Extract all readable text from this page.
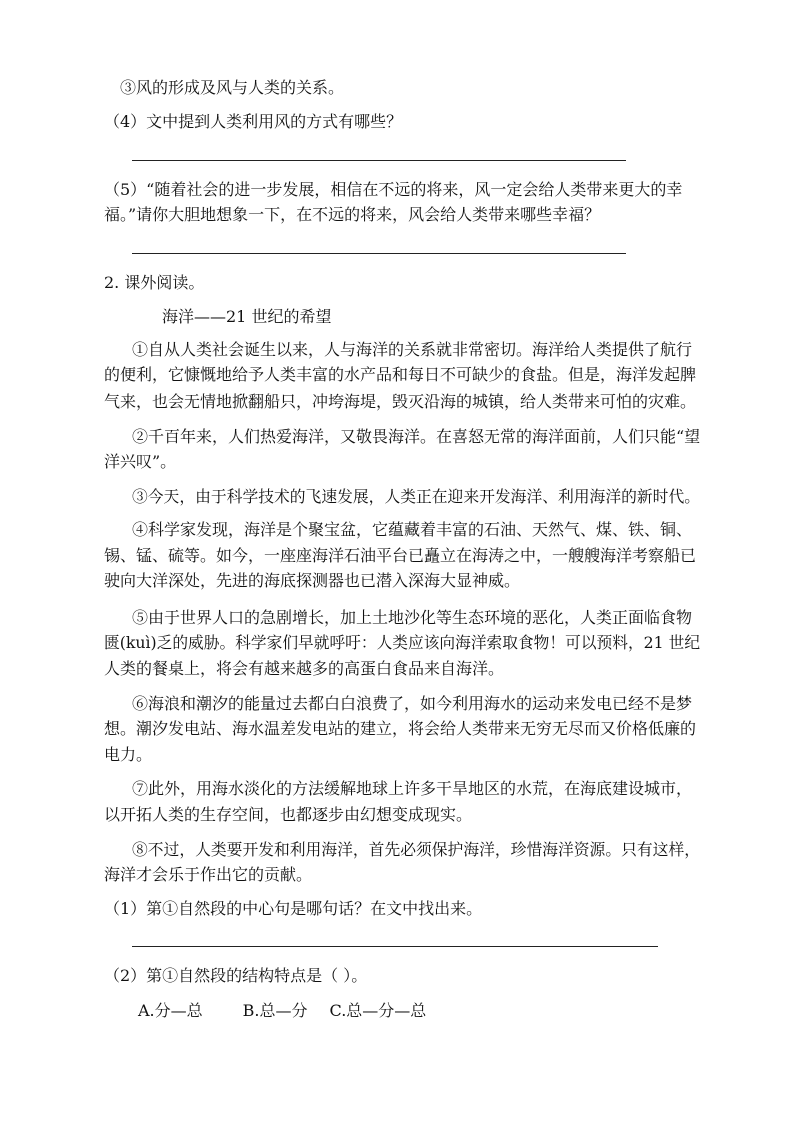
③风的形成及风与人类的关系。
（4）文中提到人类利用风的方式有哪些？
（5）“随着社会的进一步发展，相信在不远的将来，风一定会给人类带来更大的幸
福。”请你大胆地想象一下，在不远的将来，风会给人类带来哪些幸福？
2. 课外阅读。
海洋——21 世纪的希望
①自从人类社会诞生以来，人与海洋的关系就非常密切。海洋给人类提供了航行
的便利，它慷慨地给予人类丰富的水产品和每日不可缺少的食盐。但是，海洋发起脾
气来，也会无情地掀翻船只，冲垮海堤，毁灭沿海的城镇，给人类带来可怕的灾难。
②千百年来，人们热爱海洋，又敬畏海洋。在喜怒无常的海洋面前，人们只能“望
洋兴叹”。
③今天，由于科学技术的飞速发展，人类正在迎来开发海洋、利用海洋的新时代。
④科学家发现，海洋是个聚宝盆，它蕴藏着丰富的石油、天然气、煤、铁、铜、
锡、锰、硫等。如今，一座座海洋石油平台已矗立在海涛之中，一艘艘海洋考察船已
驶向大洋深处，先进的海底探测器也已潜入深海大显神威。
⑤由于世界人口的急剧增长，加上土地沙化等生态环境的恶化，人类正面临食物
匮(kuì)乏的威胁。科学家们早就呼吁：人类应该向海洋索取食物！可以预料，21 世纪
人类的餐桌上，将会有越来越多的高蛋白食品来自海洋。
⑥海浪和潮汐的能量过去都白白浪费了，如今利用海水的运动来发电已经不是梦
想。潮汐发电站、海水温差发电站的建立，将会给人类带来无穷无尽而又价格低廉的
电力。
⑦此外，用海水淡化的方法缓解地球上许多干旱地区的水荒，在海底建设城市，
以开拓人类的生存空间，也都逐步由幻想变成现实。
⑧不过，人类要开发和利用海洋，首先必须保护海洋，珍惜海洋资源。只有这样，
海洋才会乐于作出它的贡献。
（1）第①自然段的中心句是哪句话？在文中找出来。
（2）第①自然段的结构特点是（ ）。
A.分—总	B.总—分 C.总—分—总
